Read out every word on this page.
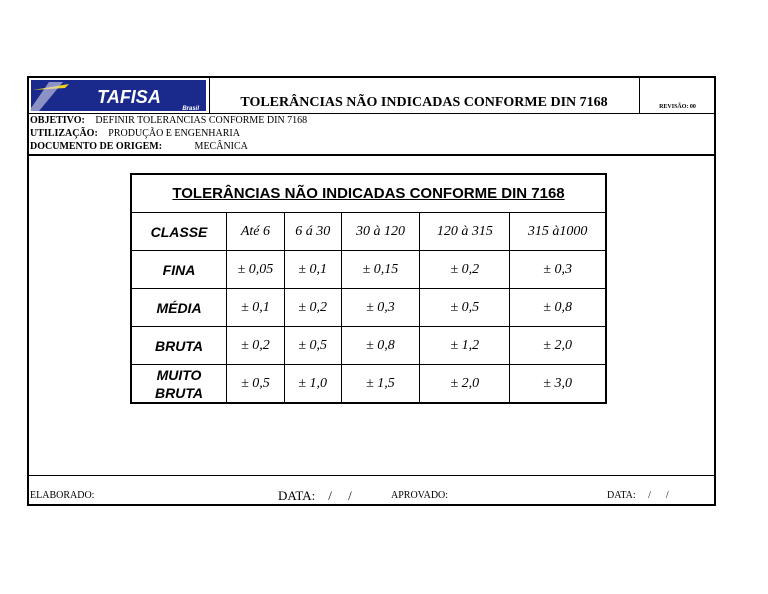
TAFISA
Brasil	TOLERÂNCIAS NÃO INDICADAS CONFORME DIN 7168	REVISÃO: 00
OBJETIVO: DEFINIR TOLERANCIAS CONFORME DIN 7168
UTILIZAÇÃO: PRODUÇÃO E ENGENHARIA
DOCUMENTO DE ORIGEM:	MECÂNICA
TOLERÂNCIAS NÃO INDICADAS CONFORME DIN 7168					
CLASSE	Até 6	6 á 30	30 à 120	120 à 315	315 à1000
FINA	± 0,05	± 0,1	± 0,15	± 0,2	± 0,3
MÉDIA	± 0,1	± 0,2	± 0,3	± 0,5	± 0,8
BRUTA	± 0,2	± 0,5	± 0,8	± 1,2	± 2,0
MUITO BRUTA	± 0,5	± 1,0	± 1,5	± 2,0	± 3,0
ELABORADO:	DATA:    /     /	APROVADO:	DATA:     /      /
